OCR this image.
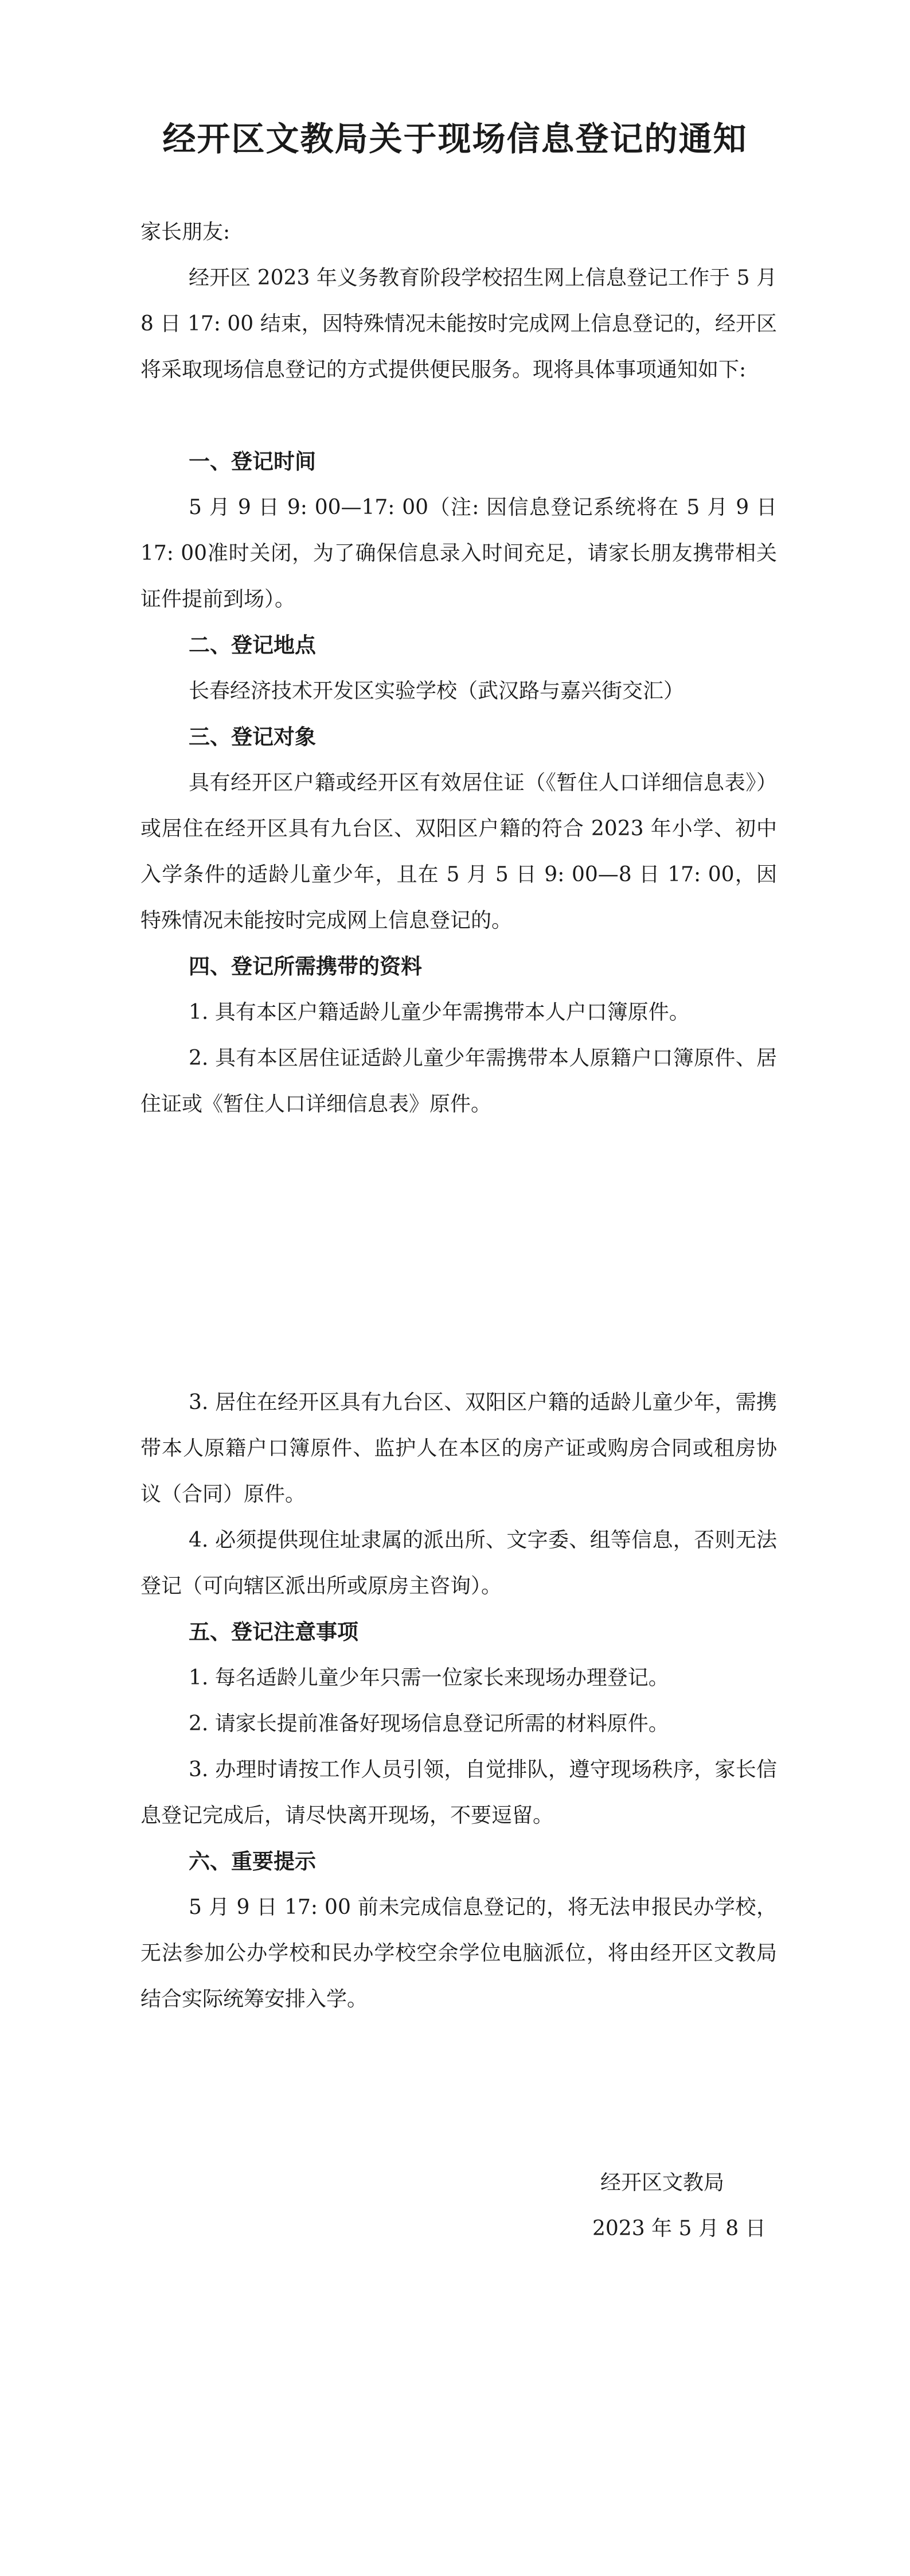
经开区文教局关于现场信息登记的通知

家长朋友:

经开区 2023 年义务教育阶段学校招生网上信息登记工作于 5 月 8 日 17: 00 结束，因特殊情况未能按时完成网上信息登记的，经开区将采取现场信息登记的方式提供便民服务。现将具体事项通知如下:

一、登记时间

5 月 9 日 9: 00—17: 00（注: 因信息登记系统将在 5 月 9 日 17: 00准时关闭，为了确保信息录入时间充足，请家长朋友携带相关证件提前到场）。

二、登记地点

长春经济技术开发区实验学校（武汉路与嘉兴街交汇）

三、登记对象

具有经开区户籍或经开区有效居住证（《暂住人口详细信息表》）或居住在经开区具有九台区、双阳区户籍的符合 2023 年小学、初中入学条件的适龄儿童少年，且在 5 月 5 日 9: 00—8 日 17: 00，因特殊情况未能按时完成网上信息登记的。

四、登记所需携带的资料

1. 具有本区户籍适龄儿童少年需携带本人户口簿原件。

2. 具有本区居住证适龄儿童少年需携带本人原籍户口簿原件、居住证或《暂住人口详细信息表》原件。

3. 居住在经开区具有九台区、双阳区户籍的适龄儿童少年，需携带本人原籍户口簿原件、监护人在本区的房产证或购房合同或租房协议（合同）原件。

4. 必须提供现住址隶属的派出所、文字委、组等信息，否则无法登记（可向辖区派出所或原房主咨询）。

五、登记注意事项

1. 每名适龄儿童少年只需一位家长来现场办理登记。

2. 请家长提前准备好现场信息登记所需的材料原件。

3. 办理时请按工作人员引领，自觉排队，遵守现场秩序，家长信息登记完成后，请尽快离开现场，不要逗留。

六、重要提示

5 月 9 日 17: 00 前未完成信息登记的，将无法申报民办学校，无法参加公办学校和民办学校空余学位电脑派位，将由经开区文教局结合实际统筹安排入学。

经开区文教局

2023 年 5 月 8 日
